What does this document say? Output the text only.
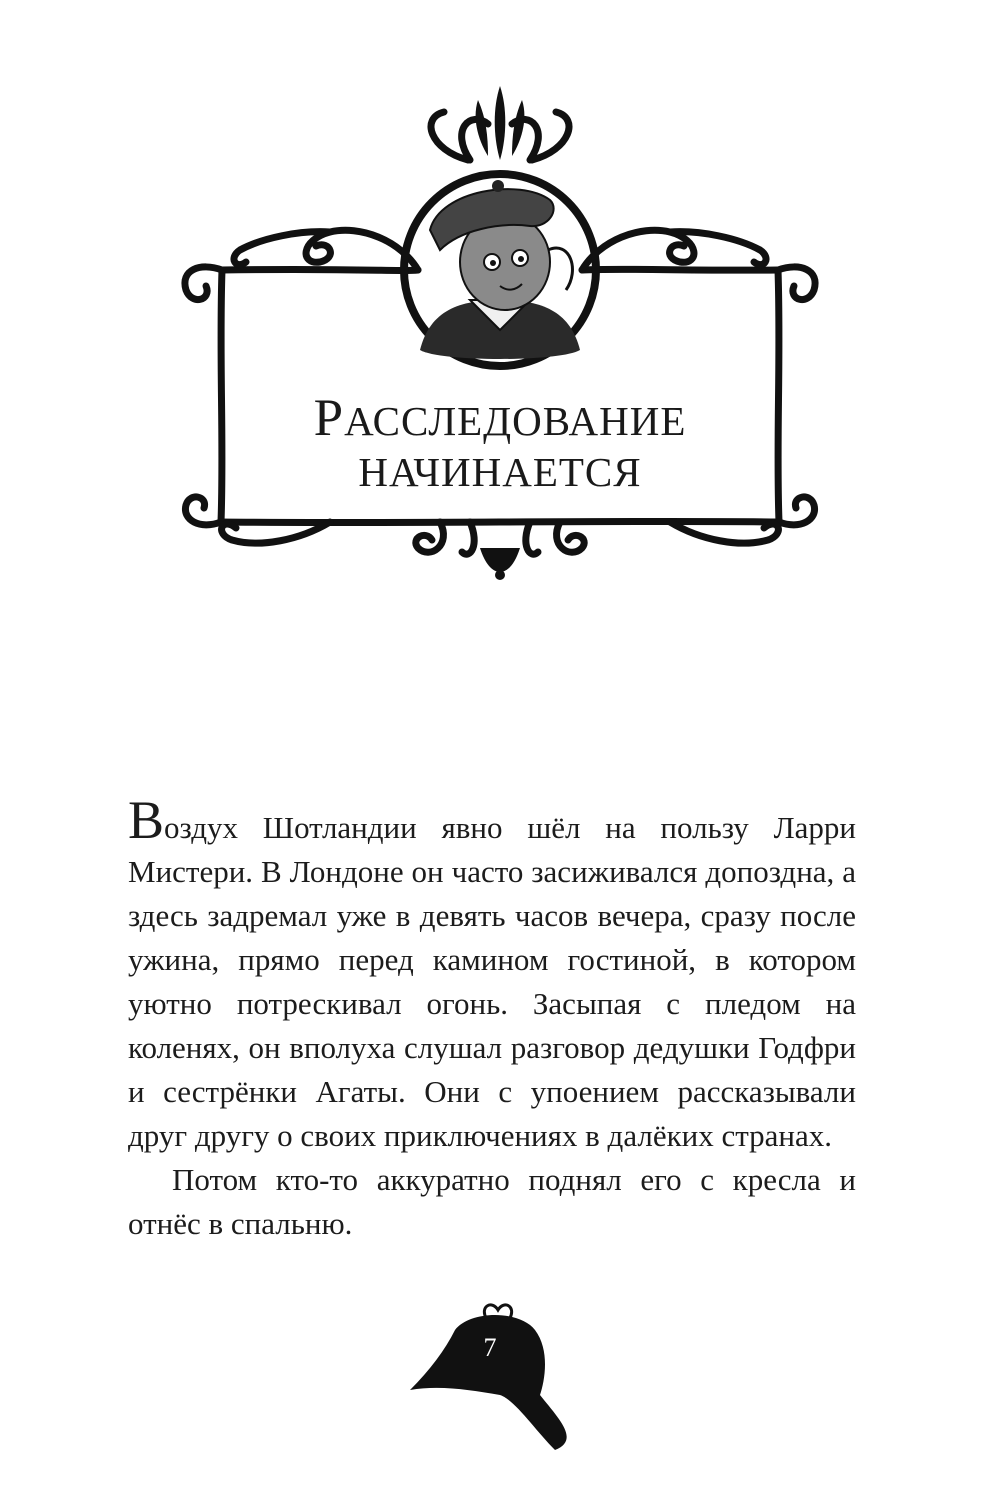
РАССЛЕДОВАНИЕ
НАЧИНАЕТСЯ

Воздух Шотландии явно шёл на пользу Ларри Мистери. В Лондоне он часто засиживался допоздна, а здесь задремал уже в девять часов вечера, сразу после ужина, прямо перед камином гостиной, в котором уютно потрескивал огонь. Засыпая с пледом на коленях, он вполуха слушал разговор дедушки Годфри и сестрёнки Агаты. Они с упоением рассказывали друг другу о своих приключениях в далёких странах.

Потом кто-то аккуратно поднял его с кресла и отнёс в спальню.

7
